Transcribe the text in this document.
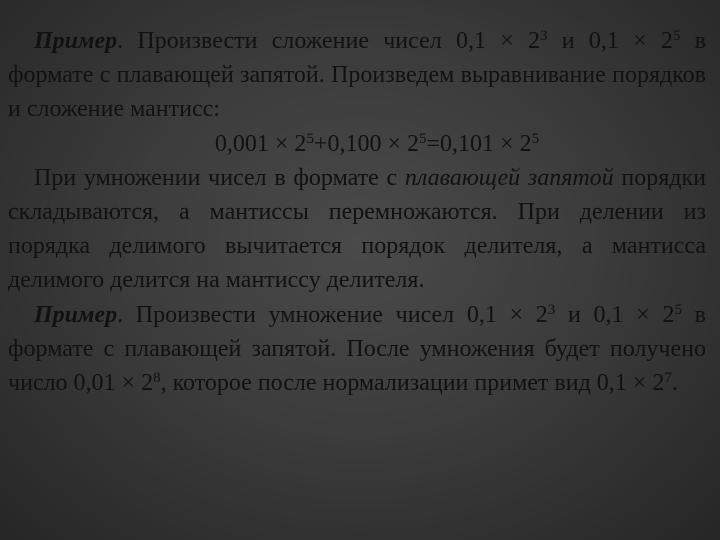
Пример. Произвести сложение чисел $0,1 \times 2^3$ и $0,1 \times 2^5$ в формате с плавающей запятой. Произведем выравнивание порядков и сложение мантисс:

$0,001 \times 2^5+0,100 \times 2^5=0,101 \times 2^5$

При умножении чисел в формате с плавающей запятой порядки складываются, а мантиссы перемножаются. При делении из порядка делимого вычитается порядок делителя, а мантисса делимого делится на мантиссу делителя.

Пример. Произвести умножение чисел $0,1 \times 2^3$ и $0,1 \times 2^5$ в формате с плавающей запятой. После умножения будет получено число $0,01 \times 2^8$, которое после нормализации примет вид $0,1 \times 2^7$.
